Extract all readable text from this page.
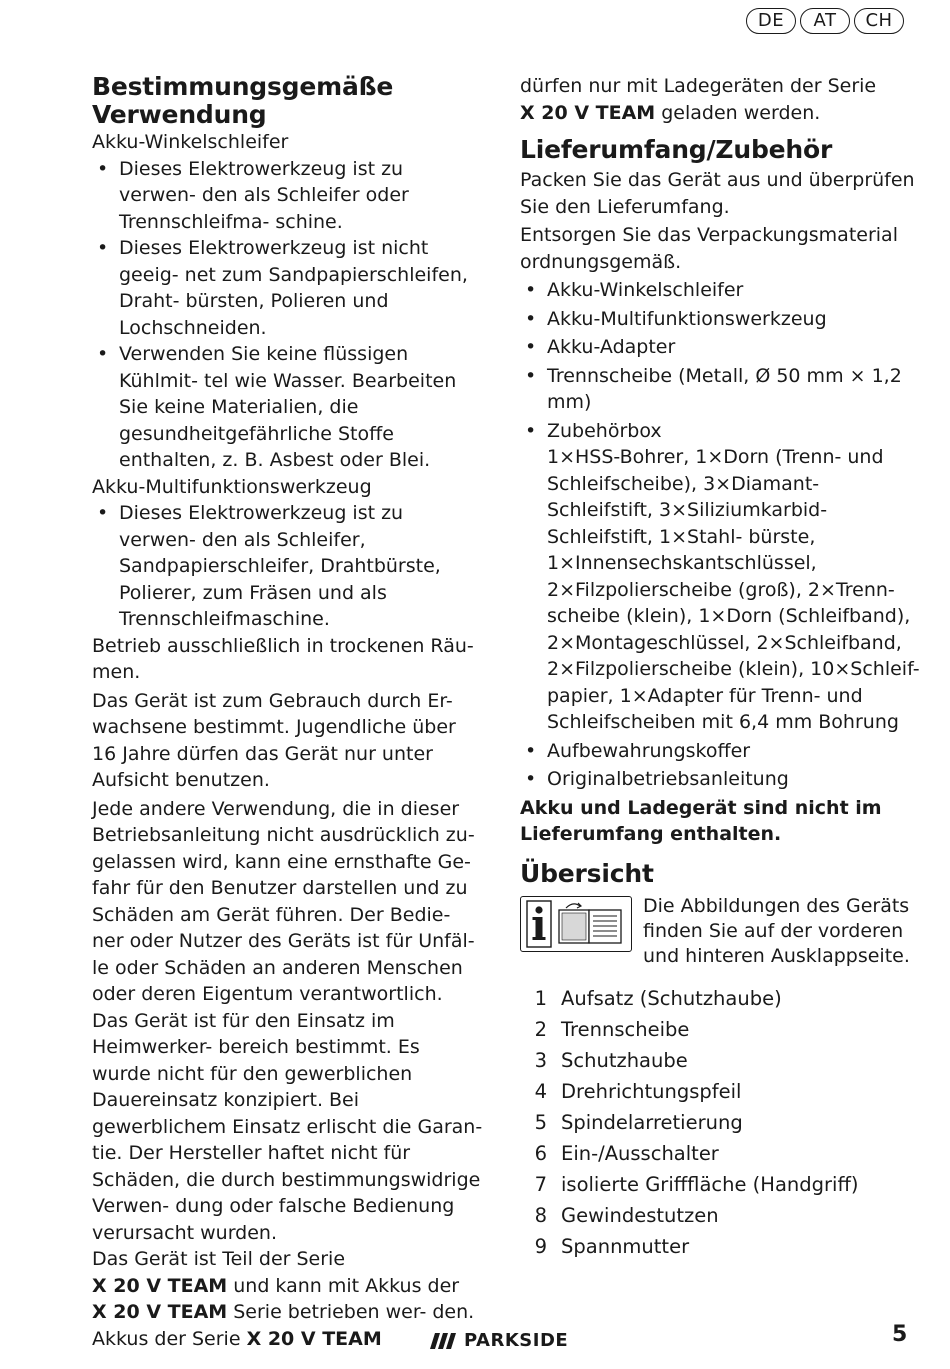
DE	AT	CH
Bestimmungsgemäße
Verwendung

Akku-Winkelschleifer

• Dieses Elektrowerkzeug ist zu verwen- den als Schleifer oder Trennschleifma- schine.
• Dieses Elektrowerkzeug ist nicht geeig- net zum Sandpapierschleifen, Draht- bürsten, Polieren und Lochschneiden.
• Verwenden Sie keine flüssigen Kühlmit- tel wie Wasser. Bearbeiten Sie keine Materialien, die gesundheitgefährliche Stoffe enthalten, z. B. Asbest oder Blei.

Akku-Multifunktionswerkzeug

• Dieses Elektrowerkzeug ist zu verwen- den als Schleifer, Sandpapierschleifer, Drahtbürste, Polierer, zum Fräsen und als Trennschleifmaschine.

Betrieb ausschließlich in trockenen Räu- men.

Das Gerät ist zum Gebrauch durch Er- wachsene bestimmt. Jugendliche über 16 Jahre dürfen das Gerät nur unter Aufsicht benutzen.

Jede andere Verwendung, die in dieser Betriebsanleitung nicht ausdrücklich zu- gelassen wird, kann eine ernsthafte Ge- fahr für den Benutzer darstellen und zu Schäden am Gerät führen. Der Bedie- ner oder Nutzer des Geräts ist für Unfäl- le oder Schäden an anderen Menschen oder deren Eigentum verantwortlich. Das Gerät ist für den Einsatz im Heimwerker- bereich bestimmt. Es wurde nicht für den gewerblichen Dauereinsatz konzipiert. Bei gewerblichem Einsatz erlischt die Garan- tie. Der Hersteller haftet nicht für Schäden, die durch bestimmungswidrige Verwen- dung oder falsche Bedienung verursacht wurden.

Das Gerät ist Teil der Serie
X 20 V TEAM und kann mit Akkus der
X 20 V TEAM Serie betrieben wer- den. Akkus der Serie X 20 V TEAM

dürfen nur mit Ladegeräten der Serie
X 20 V TEAM geladen werden.

Lieferumfang/Zubehör

Packen Sie das Gerät aus und überprüfen Sie den Lieferumfang.

Entsorgen Sie das Verpackungsmaterial ordnungsgemäß.

• Akku-Winkelschleifer
• Akku-Multifunktionswerkzeug
• Akku-Adapter
• Trennscheibe (Metall, Ø 50 mm × 1,2 mm)
• Zubehörbox

1×HSS-Bohrer, 1×Dorn (Trenn- und Schleifscheibe), 3×Diamant-Schleifstift, 3×Siliziumkarbid-Schleifstift, 1×Stahl- bürste, 1×Innensechskantschlüssel, 2×Filzpolierscheibe (groß), 2×Trenn- scheibe (klein), 1×Dorn (Schleifband), 2×Montageschlüssel, 2×Schleifband, 2×Filzpolierscheibe (klein), 10×Schleif- papier, 1×Adapter für Trenn- und Schleifscheiben mit 6,4 mm Bohrung

• Aufbewahrungskoffer
• Originalbetriebsanleitung

Akku und Ladegerät sind nicht im Lieferumfang enthalten.

Übersicht
Die Abbildungen des Geräts finden Sie auf der vorderen und hinteren Ausklappseite.
1 Aufsatz (Schutzhaube)
2 Trennscheibe
3 Schutzhaube
4 Drehrichtungspfeil
5 Spindelarretierung
6 Ein-/Ausschalter
7 isolierte Grifffläche (Handgriff)
8 Gewindestutzen
9 Spannmutter
PARKSIDE	5
